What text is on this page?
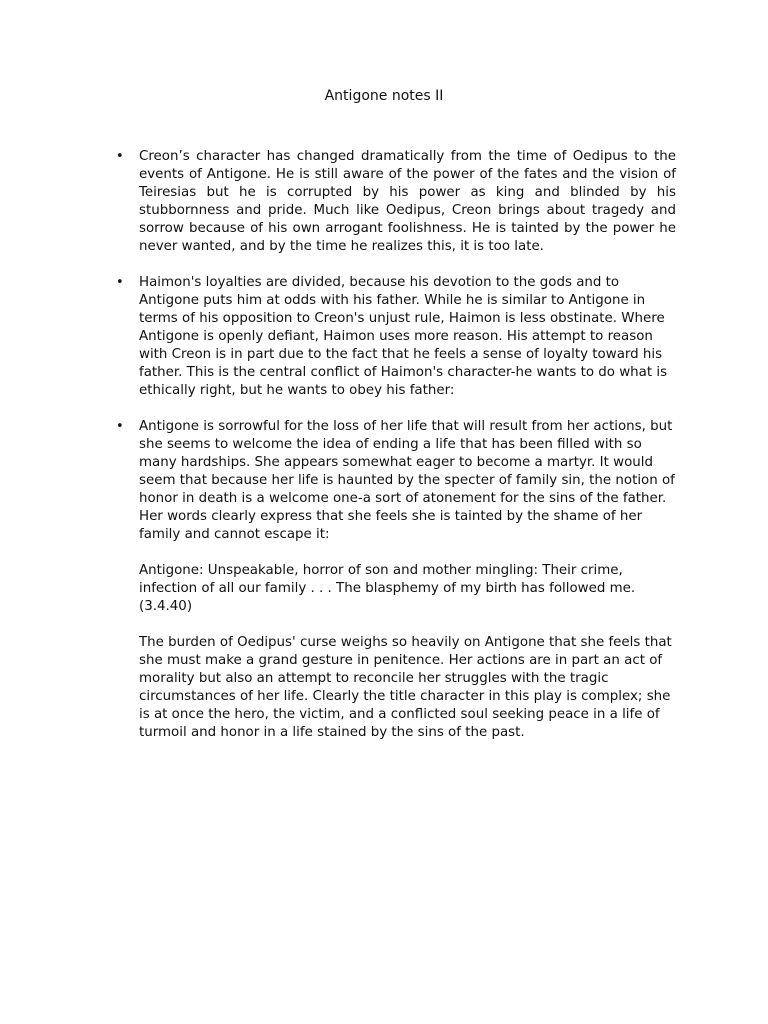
Antigone notes II
• Creon’s character has changed dramatically from the time of Oedipus to the events of Antigone. He is still aware of the power of the fates and the vision of Teiresias but he is corrupted by his power as king and blinded by his stubbornness and pride. Much like Oedipus, Creon brings about tragedy and sorrow because of his own arrogant foolishness. He is tainted by the power he never wanted, and by the time he realizes this, it is too late.

• Haimon's loyalties are divided, because his devotion to the gods and to Antigone puts him at odds with his father. While he is similar to Antigone in terms of his opposition to Creon's unjust rule, Haimon is less obstinate. Where Antigone is openly defiant, Haimon uses more reason. His attempt to reason with Creon is in part due to the fact that he feels a sense of loyalty toward his father. This is the central conflict of Haimon's character-he wants to do what is ethically right, but he wants to obey his father:

• Antigone is sorrowful for the loss of her life that will result from her actions, but she seems to welcome the idea of ending a life that has been filled with so many hardships. She appears somewhat eager to become a martyr. It would seem that because her life is haunted by the specter of family sin, the notion of honor in death is a welcome one-a sort of atonement for the sins of the father. Her words clearly express that she feels she is tainted by the shame of her family and cannot escape it:

Antigone: Unspeakable, horror of son and mother mingling: Their crime, infection of all our family . . . The blasphemy of my birth has followed me. (3.4.40)

The burden of Oedipus' curse weighs so heavily on Antigone that she feels that she must make a grand gesture in penitence. Her actions are in part an act of morality but also an attempt to reconcile her struggles with the tragic circumstances of her life. Clearly the title character in this play is complex; she is at once the hero, the victim, and a conflicted soul seeking peace in a life of turmoil and honor in a life stained by the sins of the past.
